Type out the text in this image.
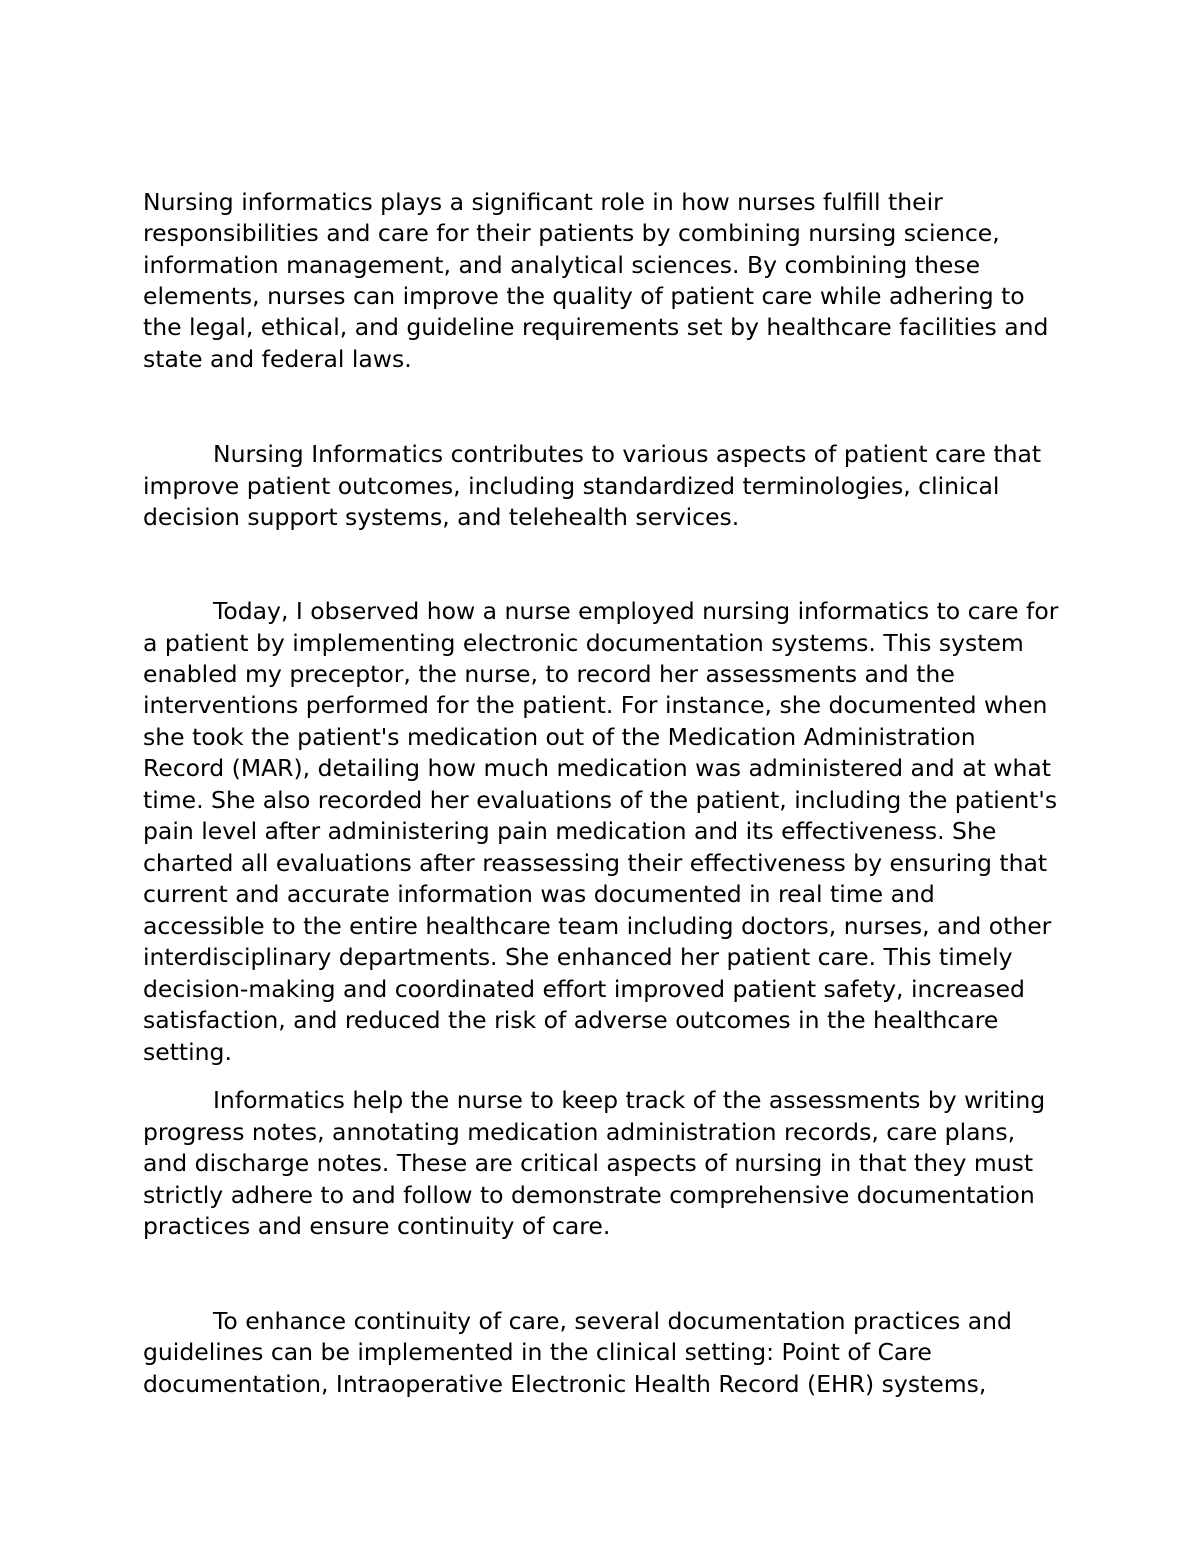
Nursing informatics plays a significant role in how nurses fulfill their

responsibilities and care for their patients by combining nursing science,

information management, and analytical sciences. By combining these

elements, nurses can improve the quality of patient care while adhering to

the legal, ethical, and guideline requirements set by healthcare facilities and

state and federal laws.

Nursing Informatics contributes to various aspects of patient care that

improve patient outcomes, including standardized terminologies, clinical

decision support systems, and telehealth services.

Today, I observed how a nurse employed nursing informatics to care for

a patient by implementing electronic documentation systems. This system

enabled my preceptor, the nurse, to record her assessments and the

interventions performed for the patient. For instance, she documented when

she took the patient's medication out of the Medication Administration

Record (MAR), detailing how much medication was administered and at what

time. She also recorded her evaluations of the patient, including the patient's

pain level after administering pain medication and its effectiveness. She

charted all evaluations after reassessing their effectiveness by ensuring that

current and accurate information was documented in real time and

accessible to the entire healthcare team including doctors, nurses, and other

interdisciplinary departments. She enhanced her patient care. This timely

decision-making and coordinated effort improved patient safety, increased

satisfaction, and reduced the risk of adverse outcomes in the healthcare

setting.

Informatics help the nurse to keep track of the assessments by writing

progress notes, annotating medication administration records, care plans,

and discharge notes. These are critical aspects of nursing in that they must

strictly adhere to and follow to demonstrate comprehensive documentation

practices and ensure continuity of care.

To enhance continuity of care, several documentation practices and

guidelines can be implemented in the clinical setting: Point of Care

documentation, Intraoperative Electronic Health Record (EHR) systems,
